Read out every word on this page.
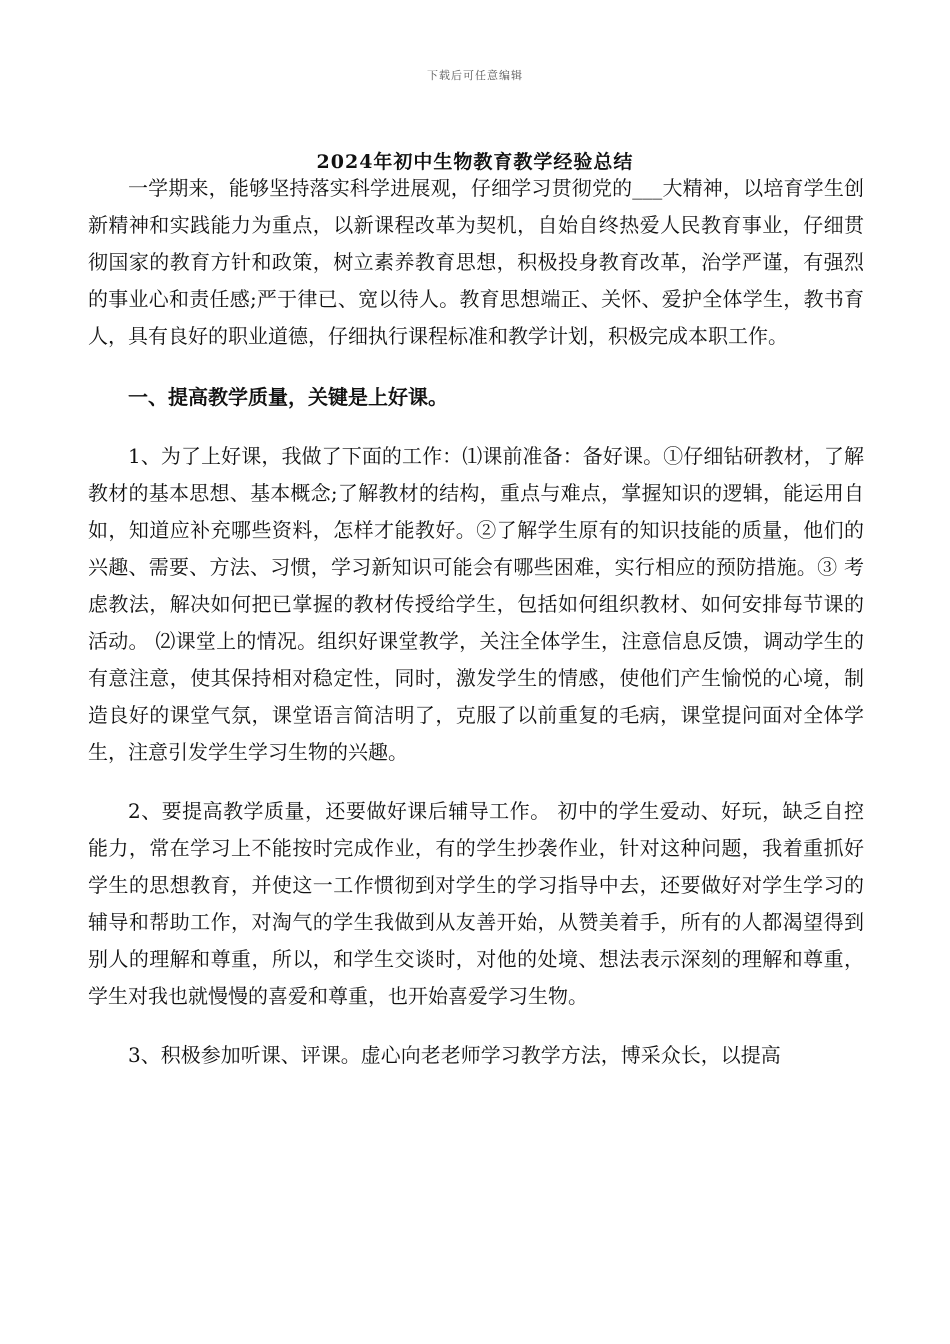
下载后可任意编辑
2024年初中生物教育教学经验总结

一学期来，能够坚持落实科学进展观，仔细学习贯彻党的___大精神，以培育学生创新精神和实践能力为重点，以新课程改革为契机，自始自终热爱人民教育事业，仔细贯彻国家的教育方针和政策，树立素养教育思想，积极投身教育改革，治学严谨，有强烈的事业心和责任感;严于律已、宽以待人。教育思想端正、关怀、爱护全体学生，教书育人，具有良好的职业道德，仔细执行课程标准和教学计划，积极完成本职工作。

一、提高教学质量，关键是上好课。

1、为了上好课，我做了下面的工作：⑴课前准备：备好课。①仔细钻研教材，了解教材的基本思想、基本概念;了解教材的结构，重点与难点，掌握知识的逻辑，能运用自如，知道应补充哪些资料，怎样才能教好。②了解学生原有的知识技能的质量，他们的兴趣、需要、方法、习惯，学习新知识可能会有哪些困难，实行相应的预防措施。③ 考虑教法，解决如何把已掌握的教材传授给学生，包括如何组织教材、如何安排每节课的活动。 ⑵课堂上的情况。组织好课堂教学，关注全体学生，注意信息反馈，调动学生的有意注意，使其保持相对稳定性，同时，激发学生的情感，使他们产生愉悦的心境，制造良好的课堂气氛，课堂语言简洁明了，克服了以前重复的毛病，课堂提问面对全体学生，注意引发学生学习生物的兴趣。

2、要提高教学质量，还要做好课后辅导工作。 初中的学生爱动、好玩，缺乏自控能力，常在学习上不能按时完成作业，有的学生抄袭作业，针对这种问题，我着重抓好学生的思想教育，并使这一工作惯彻到对学生的学习指导中去，还要做好对学生学习的辅导和帮助工作，对淘气的学生我做到从友善开始，从赞美着手，所有的人都渴望得到别人的理解和尊重，所以，和学生交谈时，对他的处境、想法表示深刻的理解和尊重，学生对我也就慢慢的喜爱和尊重，也开始喜爱学习生物。

3、积极参加听课、评课。虚心向老老师学习教学方法，博采众长，以提高
